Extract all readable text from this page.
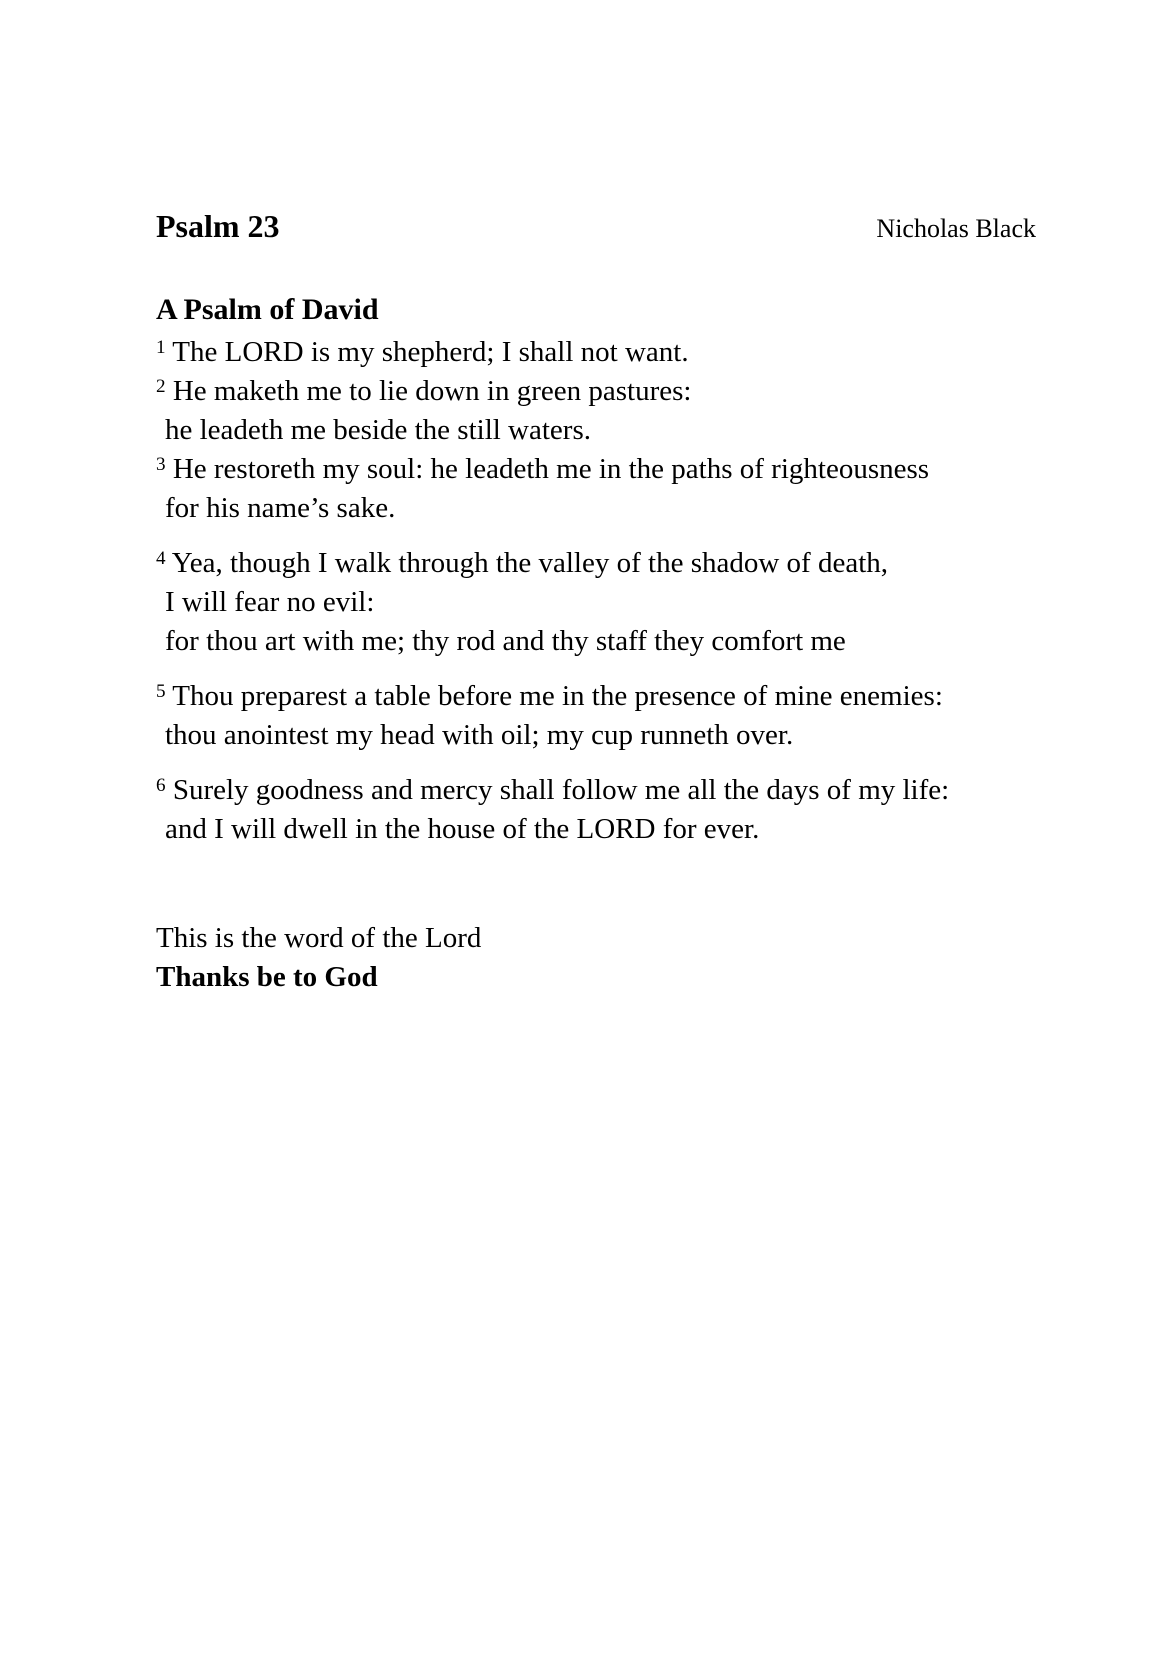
Psalm 23	Nicholas Black
A Psalm of David
$^1$ The LORD is my shepherd; I shall not want.
$^2$ He maketh me to lie down in green pastures:
he leadeth me beside the still waters.
$^3$ He restoreth my soul: he leadeth me in the paths of righteousness
for his name’s sake.
$^4$ Yea, though I walk through the valley of the shadow of death,
I will fear no evil:
for thou art with me; thy rod and thy staff they comfort me
$^5$ Thou preparest a table before me in the presence of mine enemies:
thou anointest my head with oil; my cup runneth over.
$^6$ Surely goodness and mercy shall follow me all the days of my life:
and I will dwell in the house of the LORD for ever.
This is the word of the Lord
Thanks be to God
